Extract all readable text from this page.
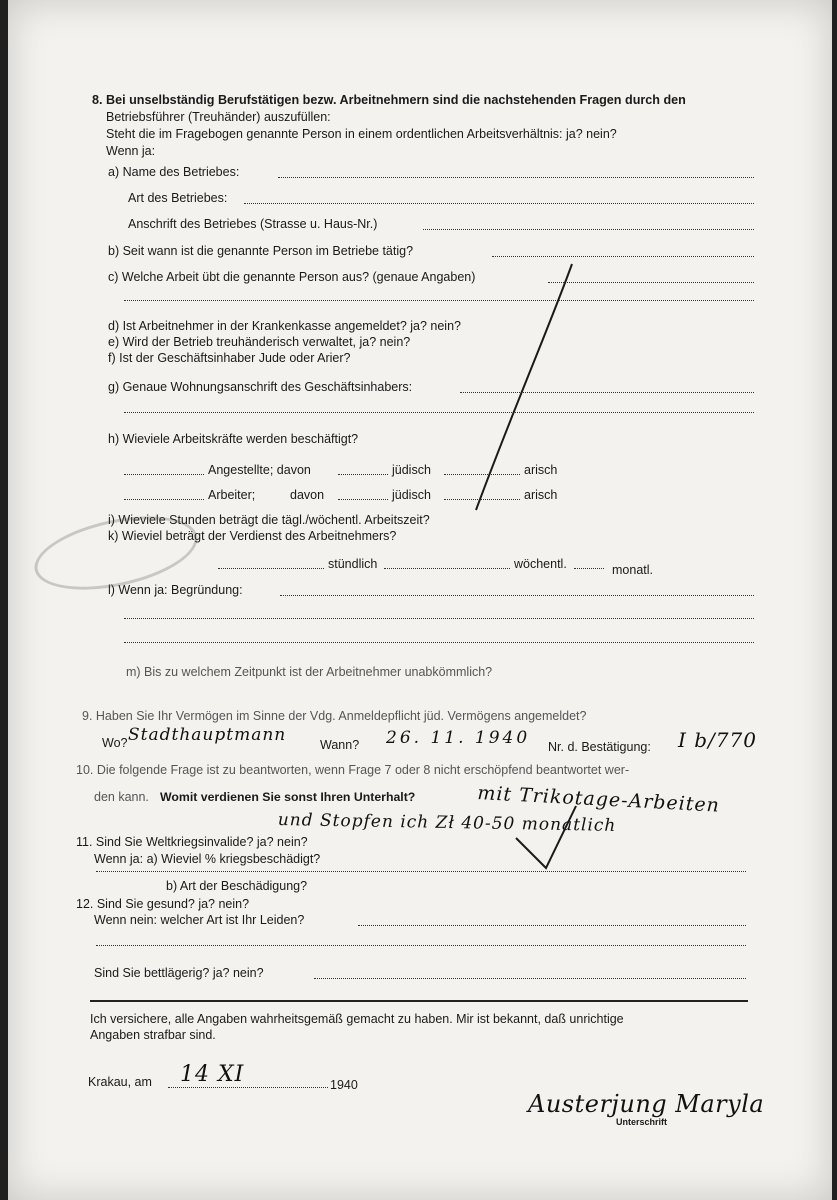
8. Bei unselbständig Berufstätigen bezw. Arbeitnehmern sind die nachstehenden Fragen durch den
Betriebsführer (Treuhänder) auszufüllen:
Steht die im Fragebogen genannte Person in einem ordentlichen Arbeitsverhältnis: ja? nein?
Wenn ja:
a) Name des Betriebes:
Art des Betriebes:
Anschrift des Betriebes (Strasse u. Haus-Nr.)
b) Seit wann ist die genannte Person im Betriebe tätig?
c) Welche Arbeit übt die genannte Person aus? (genaue Angaben)
d) Ist Arbeitnehmer in der Krankenkasse angemeldet? ja? nein?
e) Wird der Betrieb treuhänderisch verwaltet, ja? nein?
f) Ist der Geschäftsinhaber Jude oder Arier?
g) Genaue Wohnungsanschrift des Geschäftsinhabers:
h) Wieviele Arbeitskräfte werden beschäftigt?
Angestellte; davon	jüdisch	arisch
Arbeiter;	davon	jüdisch	arisch
i) Wieviele Stunden beträgt die tägl./wöchentl. Arbeitszeit?
k) Wieviel beträgt der Verdienst des Arbeitnehmers?
stündlich	wöchentl.	monatl.
l) Wenn ja: Begründung:
m) Bis zu welchem Zeitpunkt ist der Arbeitnehmer unabkömmlich?
9. Haben Sie Ihr Vermögen im Sinne der Vdg. Anmeldepflicht jüd. Vermögens angemeldet?
Wo? Stadthauptmann	Wann? 26. 11. 1940 Nr. d. Bestätigung: I b/770
10. Die folgende Frage ist zu beantworten, wenn Frage 7 oder 8 nicht erschöpfend beantwortet wer-
den kann. Womit verdienen Sie sonst Ihren Unterhalt?	mit Trikotage-Arbeiten
und Stopfen ich Zł 40-50 monatlich
11. Sind Sie Weltkriegsinvalide? ja? nein?
Wenn ja: a) Wieviel % kriegsbeschädigt?
b) Art der Beschädigung?
12. Sind Sie gesund? ja? nein?
Wenn nein: welcher Art ist Ihr Leiden?
Sind Sie bettlägerig? ja? nein?
Ich versichere, alle Angaben wahrheitsgemäß gemacht zu haben. Mir ist bekannt, daß unrichtige
Angaben strafbar sind.
Krakau, am 14 XI	1940
Austerjung Maryla
Unterschrift
